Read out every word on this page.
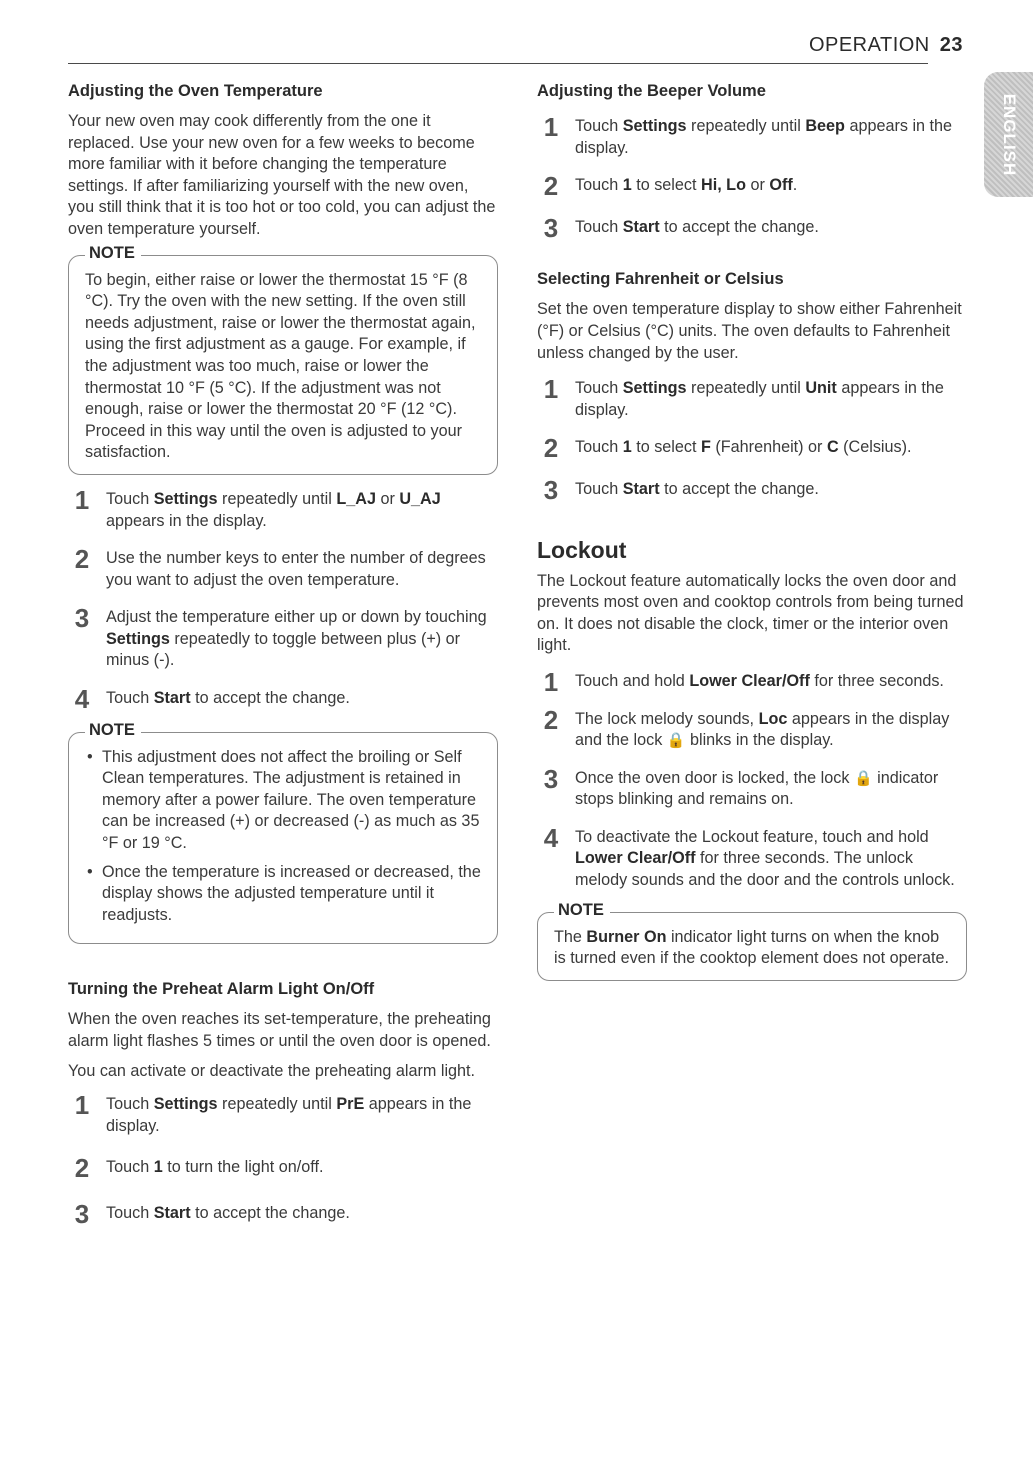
OPERATION 23
ENGLISH
Adjusting the Oven Temperature

Your new oven may cook differently from the one it replaced. Use your new oven for a few weeks to become more familiar with it before changing the temperature settings. If after familiarizing yourself with the new oven, you still think that it is too hot or too cold, you can adjust the oven temperature yourself.

NOTE

To begin, either raise or lower the thermostat 15 °F (8 °C). Try the oven with the new setting. If the oven still needs adjustment, raise or lower the thermostat again, using the first adjustment as a gauge. For example, if the adjustment was too much, raise or lower the thermostat 10 °F (5 °C). If the adjustment was not enough, raise or lower the thermostat 20 °F (12 °C). Proceed in this way until the oven is adjusted to your satisfaction.

1	Touch Settings repeatedly until L_AJ or U_AJ appears in the display.
2	Use the number keys to enter the number of degrees you want to adjust the oven temperature.
3	Adjust the temperature either up or down by touching Settings repeatedly to toggle between plus (+) or minus (-).
4	Touch Start to accept the change.
NOTE
• This adjustment does not affect the broiling or Self Clean temperatures. The adjustment is retained in memory after a power failure. The oven temperature can be increased (+) or decreased (-) as much as 35 °F or 19 °C.
• Once the temperature is increased or decreased, the display shows the adjusted temperature until it readjusts.
Turning the Preheat Alarm Light On/Off

When the oven reaches its set-temperature, the preheating alarm light flashes 5 times or until the oven door is opened.

You can activate or deactivate the preheating alarm light.

1	Touch Settings repeatedly until PrE appears in the display.
2	Touch 1 to turn the light on/off.
3	Touch Start to accept the change.
Adjusting the Beeper Volume
1	Touch Settings repeatedly until Beep appears in the display.
2	Touch 1 to select Hi, Lo or Off.
3	Touch Start to accept the change.
Selecting Fahrenheit or Celsius

Set the oven temperature display to show either Fahrenheit (°F) or Celsius (°C) units. The oven defaults to Fahrenheit unless changed by the user.

1	Touch Settings repeatedly until Unit appears in the display.
2	Touch 1 to select F (Fahrenheit) or C (Celsius).
3	Touch Start to accept the change.
Lockout

The Lockout feature automatically locks the oven door and prevents most oven and cooktop controls from being turned on. It does not disable the clock, timer or the interior oven light.

1	Touch and hold Lower Clear/Off for three seconds.
2	The lock melody sounds, Loc appears in the display and the lock 🔒 blinks in the display.
3	Once the oven door is locked, the lock 🔒 indicator stops blinking and remains on.
4	To deactivate the Lockout feature, touch and hold Lower Clear/Off for three seconds. The unlock melody sounds and the door and the controls unlock.
NOTE

The Burner On indicator light turns on when the knob is turned even if the cooktop element does not operate.
